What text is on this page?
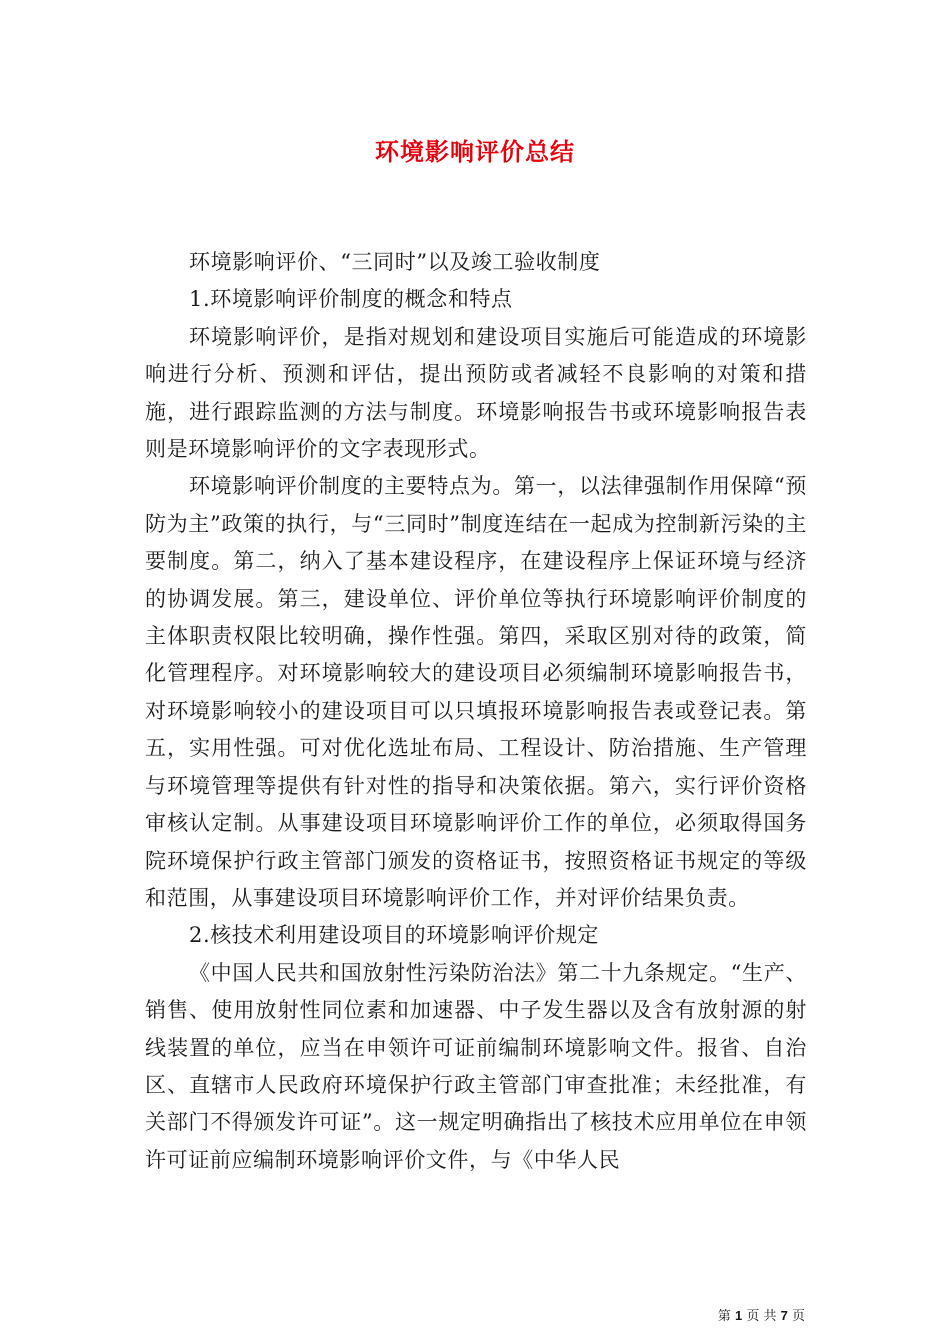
环境影响评价总结

环境影响评价、“三同时”以及竣工验收制度

1.环境影响评价制度的概念和特点

环境影响评价，是指对规划和建设项目实施后可能造成的环境影响进行分析、预测和评估，提出预防或者减轻不良影响的对策和措施，进行跟踪监测的方法与制度。环境影响报告书或环境影响报告表则是环境影响评价的文字表现形式。

环境影响评价制度的主要特点为。第一，以法律强制作用保障“预防为主”政策的执行，与“三同时”制度连结在一起成为控制新污染的主要制度。第二，纳入了基本建设程序，在建设程序上保证环境与经济的协调发展。第三，建设单位、评价单位等执行环境影响评价制度的主体职责权限比较明确，操作性强。第四，采取区别对待的政策，简化管理程序。对环境影响较大的建设项目必须编制环境影响报告书，对环境影响较小的建设项目可以只填报环境影响报告表或登记表。第五，实用性强。可对优化选址布局、工程设计、防治措施、生产管理与环境管理等提供有针对性的指导和决策依据。第六，实行评价资格审核认定制。从事建设项目环境影响评价工作的单位，必须取得国务院环境保护行政主管部门颁发的资格证书，按照资格证书规定的等级和范围，从事建设项目环境影响评价工作，并对评价结果负责。

2.核技术利用建设项目的环境影响评价规定

《中国人民共和国放射性污染防治法》第二十九条规定。“生产、销售、使用放射性同位素和加速器、中子发生器以及含有放射源的射线装置的单位，应当在申领许可证前编制环境影响文件。报省、自治区、直辖市人民政府环境保护行政主管部门审查批准；未经批准，有关部门不得颁发许可证”。这一规定明确指出了核技术应用单位在申领许可证前应编制环境影响评价文件，与《中华人民

第 1 页 共 7 页
